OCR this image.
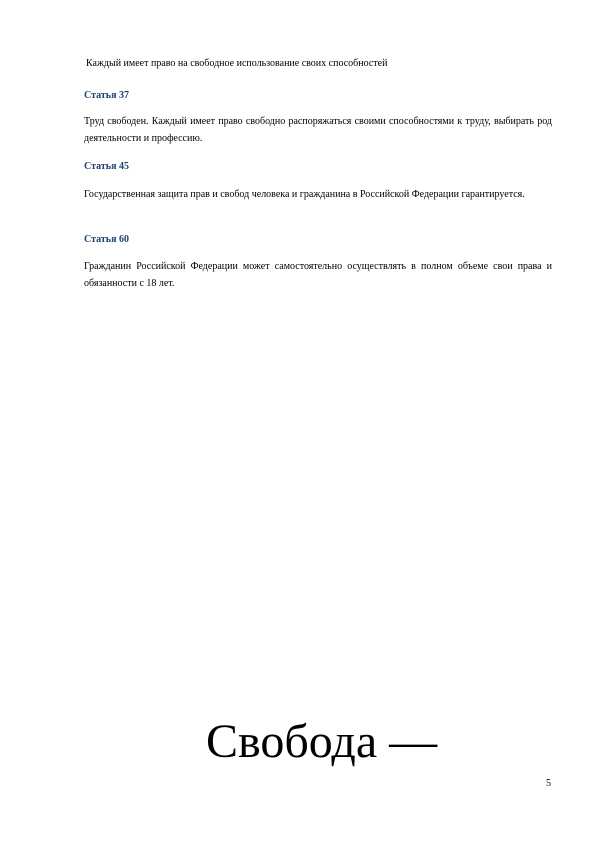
Каждый имеет право на свободное использование своих способностей
Статья 37
Труд свободен. Каждый имеет право свободно распоряжаться своими способностями к труду, выбирать род деятельности и профессию.
Статья 45
Государственная защита прав и свобод человека и гражданина в Российской Федерации гарантируется.
Статья 60
Гражданин Российской Федерации может самостоятельно осуществлять в полном объеме свои права и обязанности с 18 лет.
Свобода —
5
